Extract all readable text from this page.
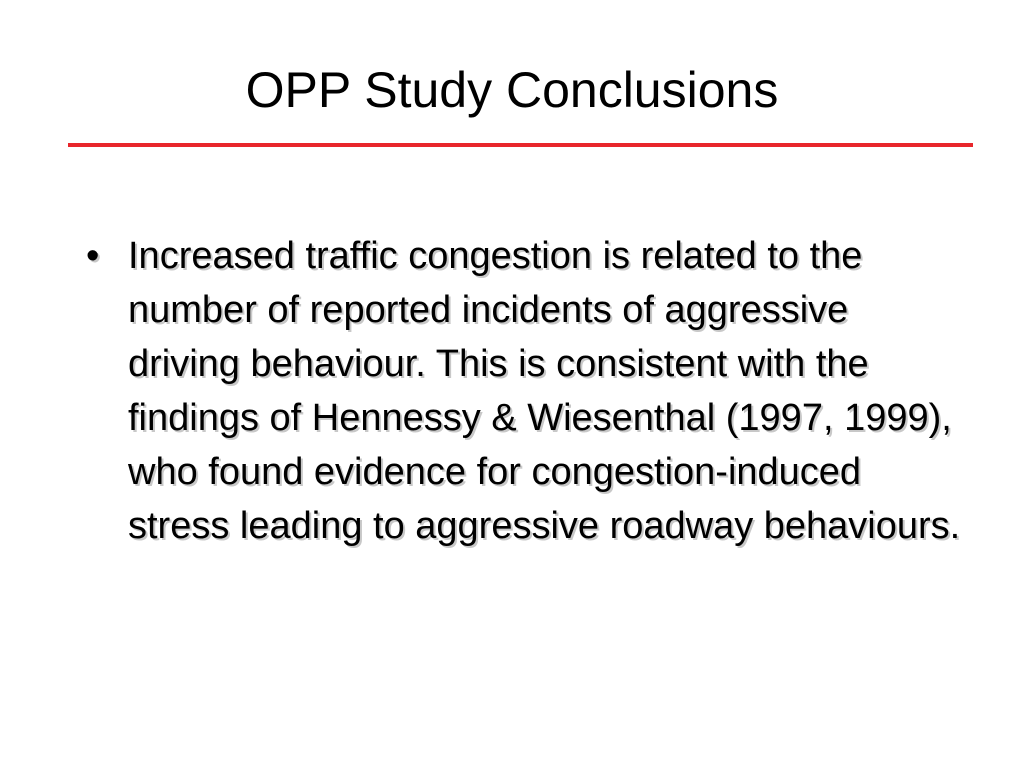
OPP Study Conclusions
• Increased traffic congestion is related to the number of reported incidents of aggressive driving behaviour. This is consistent with the findings of Hennessy & Wiesenthal (1997, 1999), who found evidence for congestion-induced stress leading to aggressive roadway behaviours.
